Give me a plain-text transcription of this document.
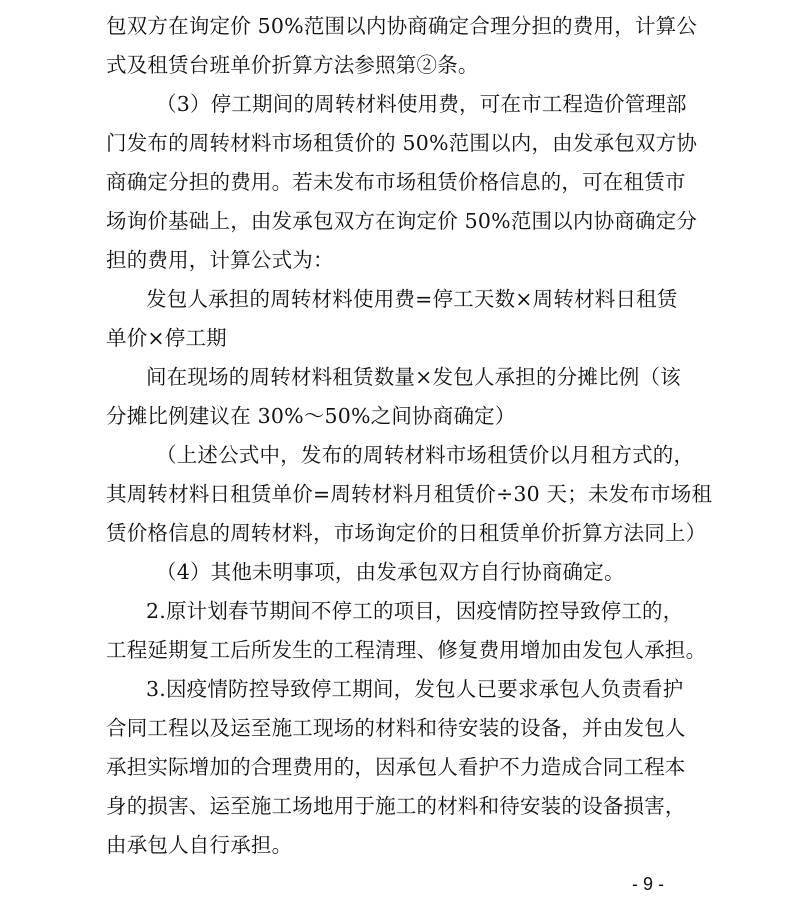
包双方在询定价 50%范围以内协商确定合理分担的费用，计算公
式及租赁台班单价折算方法参照第②条。
（3）停工期间的周转材料使用费，可在市工程造价管理部
门发布的周转材料市场租赁价的 50%范围以内，由发承包双方协
商确定分担的费用。若未发布市场租赁价格信息的，可在租赁市
场询价基础上，由发承包双方在询定价 50%范围以内协商确定分
担的费用，计算公式为：
发包人承担的周转材料使用费=停工天数×周转材料日租赁
单价×停工期
间在现场的周转材料租赁数量×发包人承担的分摊比例（该
分摊比例建议在 30%～50%之间协商确定）
（上述公式中，发布的周转材料市场租赁价以月租方式的，
其周转材料日租赁单价=周转材料月租赁价÷30 天；未发布市场租
赁价格信息的周转材料，市场询定价的日租赁单价折算方法同上）
（4）其他未明事项，由发承包双方自行协商确定。
2.原计划春节期间不停工的项目，因疫情防控导致停工的，
工程延期复工后所发生的工程清理、修复费用增加由发包人承担。
3.因疫情防控导致停工期间，发包人已要求承包人负责看护
合同工程以及运至施工现场的材料和待安装的设备，并由发包人
承担实际增加的合理费用的，因承包人看护不力造成合同工程本
身的损害、运至施工场地用于施工的材料和待安装的设备损害，
由承包人自行承担。
- 9 -
